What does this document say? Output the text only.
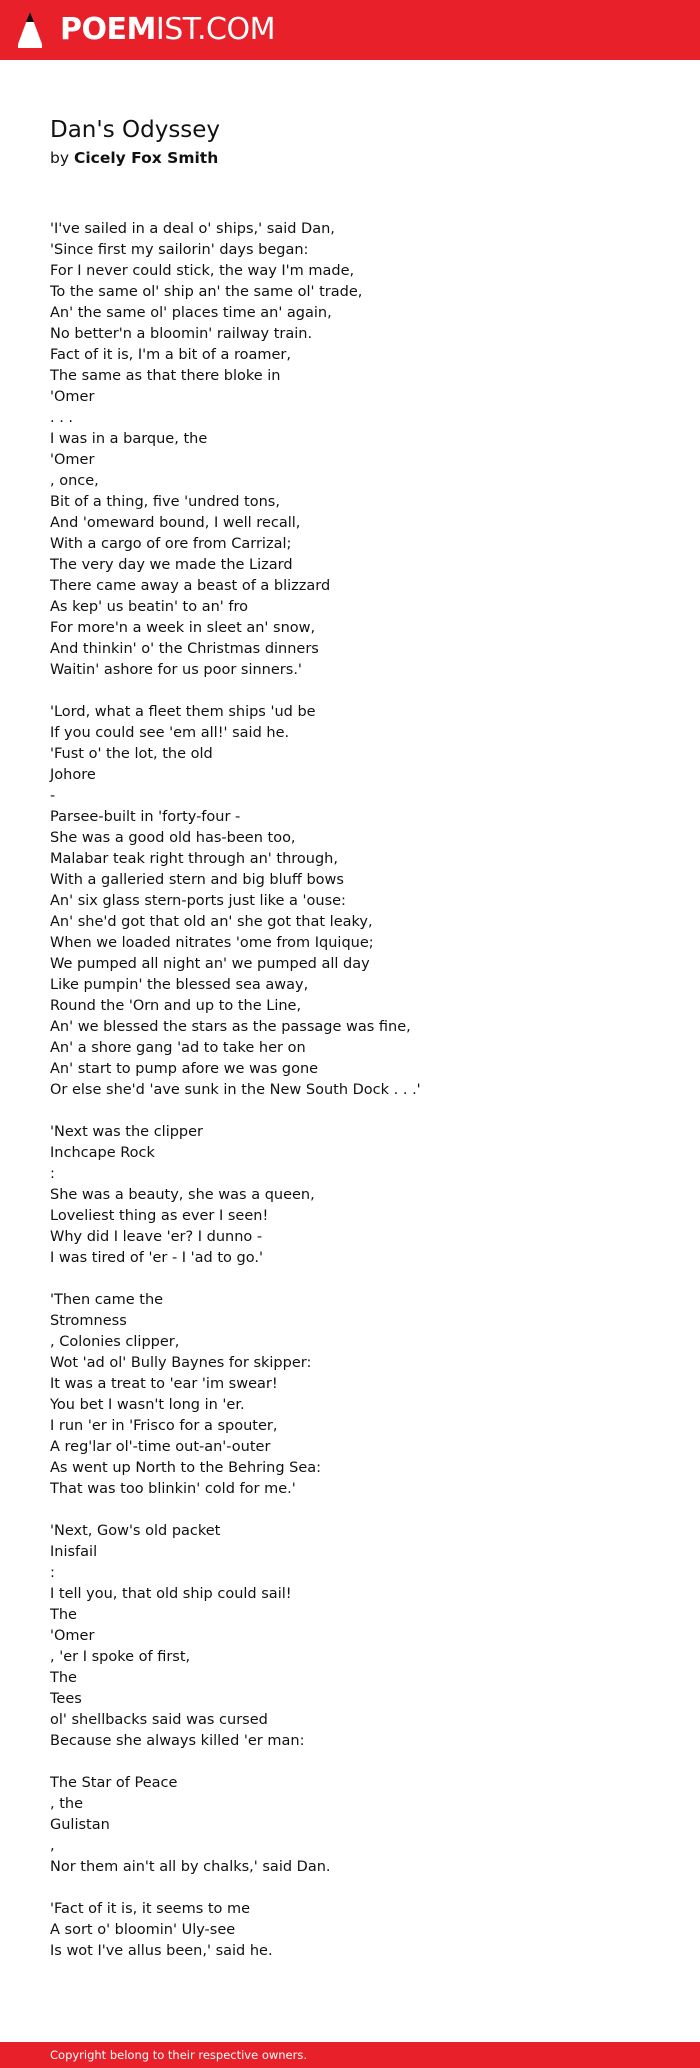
POEMIST.COM
Dan's Odyssey
by Cicely Fox Smith
'I've sailed in a deal o' ships,' said Dan,
'Since first my sailorin' days began:
For I never could stick, the way I'm made,
To the same ol' ship an' the same ol' trade,
An' the same ol' places time an' again,
No better'n a bloomin' railway train.
Fact of it is, I'm a bit of a roamer,
The same as that there bloke in
'Omer
. . .
I was in a barque, the
'Omer
, once,
Bit of a thing, five 'undred tons,
And 'omeward bound, I well recall,
With a cargo of ore from Carrizal;
The very day we made the Lizard
There came away a beast of a blizzard
As kep' us beatin' to an' fro
For more'n a week in sleet an' snow,
And thinkin' o' the Christmas dinners
Waitin' ashore for us poor sinners.'
'Lord, what a fleet them ships 'ud be
If you could see 'em all!' said he.
'Fust o' the lot, the old
Johore
-
Parsee-built in 'forty-four -
She was a good old has-been too,
Malabar teak right through an' through,
With a galleried stern and big bluff bows
An' six glass stern-ports just like a 'ouse:
An' she'd got that old an' she got that leaky,
When we loaded nitrates 'ome from Iquique;
We pumped all night an' we pumped all day
Like pumpin' the blessed sea away,
Round the 'Orn and up to the Line,
An' we blessed the stars as the passage was fine,
An' a shore gang 'ad to take her on
An' start to pump afore we was gone
Or else she'd 'ave sunk in the New South Dock . . .'
'Next was the clipper
Inchcape Rock
:
She was a beauty, she was a queen,
Loveliest thing as ever I seen!
Why did I leave 'er? I dunno -
I was tired of 'er - I 'ad to go.'
'Then came the
Stromness
, Colonies clipper,
Wot 'ad ol' Bully Baynes for skipper:
It was a treat to 'ear 'im swear!
You bet I wasn't long in 'er.
I run 'er in 'Frisco for a spouter,
A reg'lar ol'-time out-an'-outer
As went up North to the Behring Sea:
That was too blinkin' cold for me.'
'Next, Gow's old packet
Inisfail
:
I tell you, that old ship could sail!
The
'Omer
, 'er I spoke of first,
The
Tees
ol' shellbacks said was cursed
Because she always killed 'er man:
The Star of Peace
, the
Gulistan
,
Nor them ain't all by chalks,' said Dan.
'Fact of it is, it seems to me
A sort o' bloomin' Uly-see
Is wot I've allus been,' said he.
Copyright belong to their respective owners.
